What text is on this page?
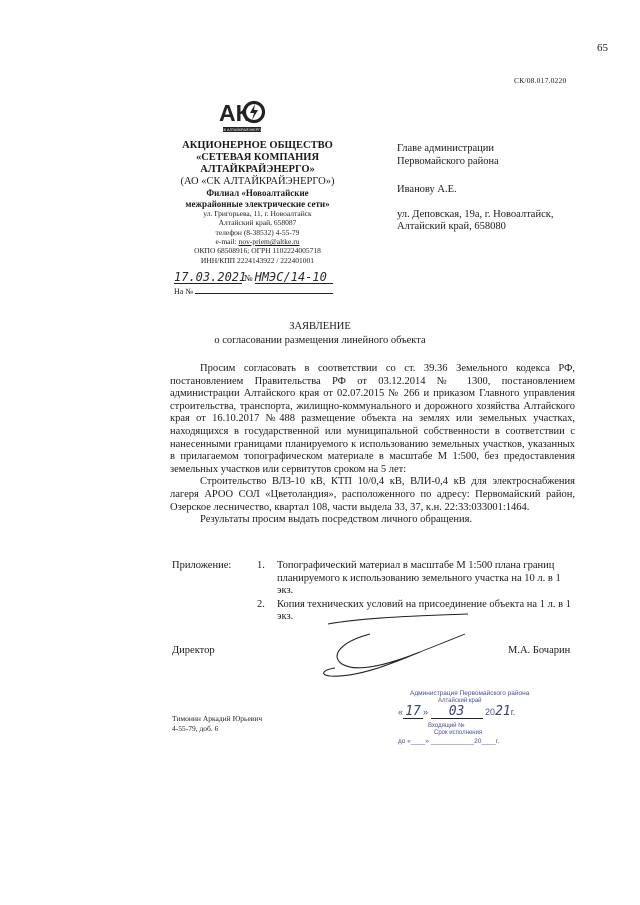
65
СК/08.017.0220
АК
СК АЛТАЙКРАЙЭНЕРГО
АКЦИОНЕРНОЕ ОБЩЕСТВО
«СЕТЕВАЯ КОМПАНИЯ
АЛТАЙКРАЙЭНЕРГО»
(АО «СК АЛТАЙКРАЙЭНЕРГО»)
Филиал «Новоалтайские
межрайонные электрические сети»
ул. Григорьева, 11, г. Новоалтайск
Алтайский край, 658087
телефон (8-38532) 4-55-79
e-mail: nov-priem@altke.ru
ОКПО 68508916; ОГРН 1102224005718
ИНН/КПП 2224143922 / 222401001
17.03.2021 № НМЭС/14-10
На №
Главе администрации
Первомайского района
Иванову А.Е.
ул. Деповская, 19а, г. Новоалтайск,
Алтайский край, 658080
ЗАЯВЛЕНИЕ
о согласовании размещения линейного объекта

Просим согласовать в соответствии со ст. 39.36 Земельного кодекса РФ, постановлением Правительства РФ от 03.12.2014 № 1300, постановлением администрации Алтайского края от 02.07.2015 № 266 и приказом Главного управления строительства, транспорта, жилищно-коммунального и дорожного хозяйства Алтайского края от 16.10.2017 №488 размещение объекта на землях или земельных участках, находящихся в государственной или муниципальной собственности в соответствии с нанесенными границами планируемого к использованию земельных участков, указанных в прилагаемом топографическом материале в масштабе М 1:500, без предоставления земельных участков или сервитутов сроком на 5 лет:

Строительство ВЛЗ-10 кВ, КТП 10/0,4 кВ, ВЛИ-0,4 кВ для электроснабжения лагеря АРОО СОЛ «Цветоландия», расположенного по адресу: Первомайский район, Озерское лесничество, квартал 108, части выдела 33, 37, к.н. 22:33:033001:1464.

Результаты просим выдать посредством личного обращения.

Приложение: 1. Топографический материал в масштабе М 1:500 плана границ планируемого к использованию земельного участка на 10 л. в 1 экз.
2. Копия технических условий на присоединение объекта на 1 л. в 1 экз.
Директор	М.А. Бочарин
Администрация Первомайского района
Алтайский край
« 17 » 03 2021г.
Входящий №
Срок исполнения
до «____» ____________20____г.
Тимонин Аркадий Юрьевич
4-55-79, доб. 6
